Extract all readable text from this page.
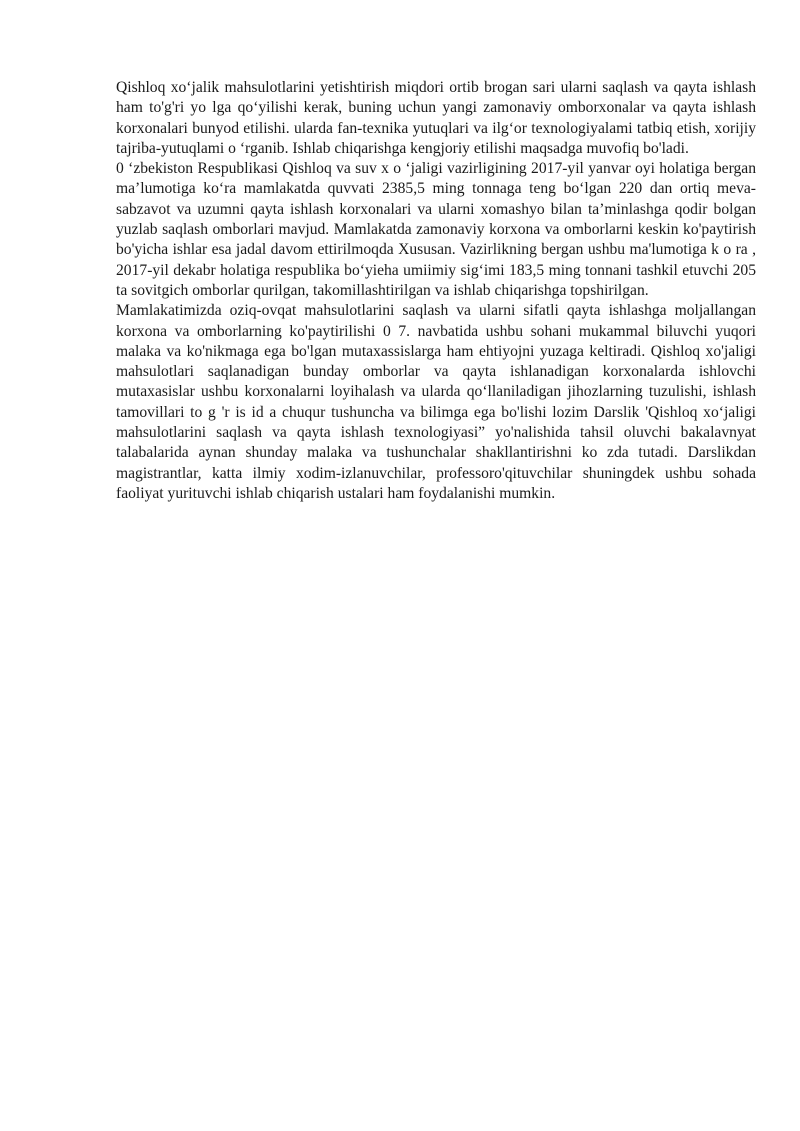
Qishloq xoʻjalik mahsulotlarini yetishtirish miqdori ortib brogan sari ularni saqlash va qayta ishlash ham to'g'ri yo lga qoʻyilishi kerak, buning uchun yangi zamonaviy omborxonalar va qayta ishlash korxonalari bunyod etilishi. ularda fan-texnika yutuqlari va ilgʻor texnologiyalami tatbiq etish, xorijiy tajriba-yutuqlami o ʻrganib. Ishlab chiqarishga kengjoriy etilishi maqsadga muvofiq bo'ladi.

0 ʻzbekiston Respublikasi Qishloq va suv x o ʻjaligi vazirligining 2017-yil yanvar oyi holatiga bergan maʼlumotiga koʻra mamlakatda quvvati 2385,5 ming tonnaga teng boʻlgan 220 dan ortiq meva-sabzavot va uzumni qayta ishlash korxonalari va ularni xomashyo bilan taʼminlashga qodir bolgan yuzlab saqlash omborlari mavjud. Mamlakatda zamonaviy korxona va omborlarni keskin ko'paytirish bo'yicha ishlar esa jadal davom ettirilmoqda Xususan. Vazirlikning bergan ushbu ma'lumotiga k o ra , 2017-yil dekabr holatiga respublika boʻyieha umiimiy sigʻimi 183,5 ming tonnani tashkil etuvchi 205 ta sovitgich omborlar qurilgan, takomillashtirilgan va ishlab chiqarishga topshirilgan.

Mamlakatimizda oziq-ovqat mahsulotlarini saqlash va ularni sifatli qayta ishlashga moljallangan korxona va omborlarning ko'paytirilishi 0 7. navbatida ushbu sohani mukammal biluvchi yuqori malaka va ko'nikmaga ega bo'lgan mutaxassislarga ham ehtiyojni yuzaga keltiradi. Qishloq xo'jaligi mahsulotlari saqlanadigan bunday omborlar va qayta ishlanadigan korxonalarda ishlovchi mutaxasislar ushbu korxonalarni loyihalash va ularda qoʻllaniladigan jihozlarning tuzulishi, ishlash tamovillari to g 'r is id a chuqur tushuncha va bilimga ega bo'lishi lozim Darslik 'Qishloq xoʻjaligi mahsulotlarini saqlash va qayta ishlash texnologiyasi” yo'nalishida tahsil oluvchi bakalavnyat talabalarida aynan shunday malaka va tushunchalar shakllantirishni ko zda tutadi. Darslikdan magistrantlar, katta ilmiy xodim-izlanuvchilar, professoro'qituvchilar shuningdek ushbu sohada faoliyat yurituvchi ishlab chiqarish ustalari ham foydalanishi mumkin.
